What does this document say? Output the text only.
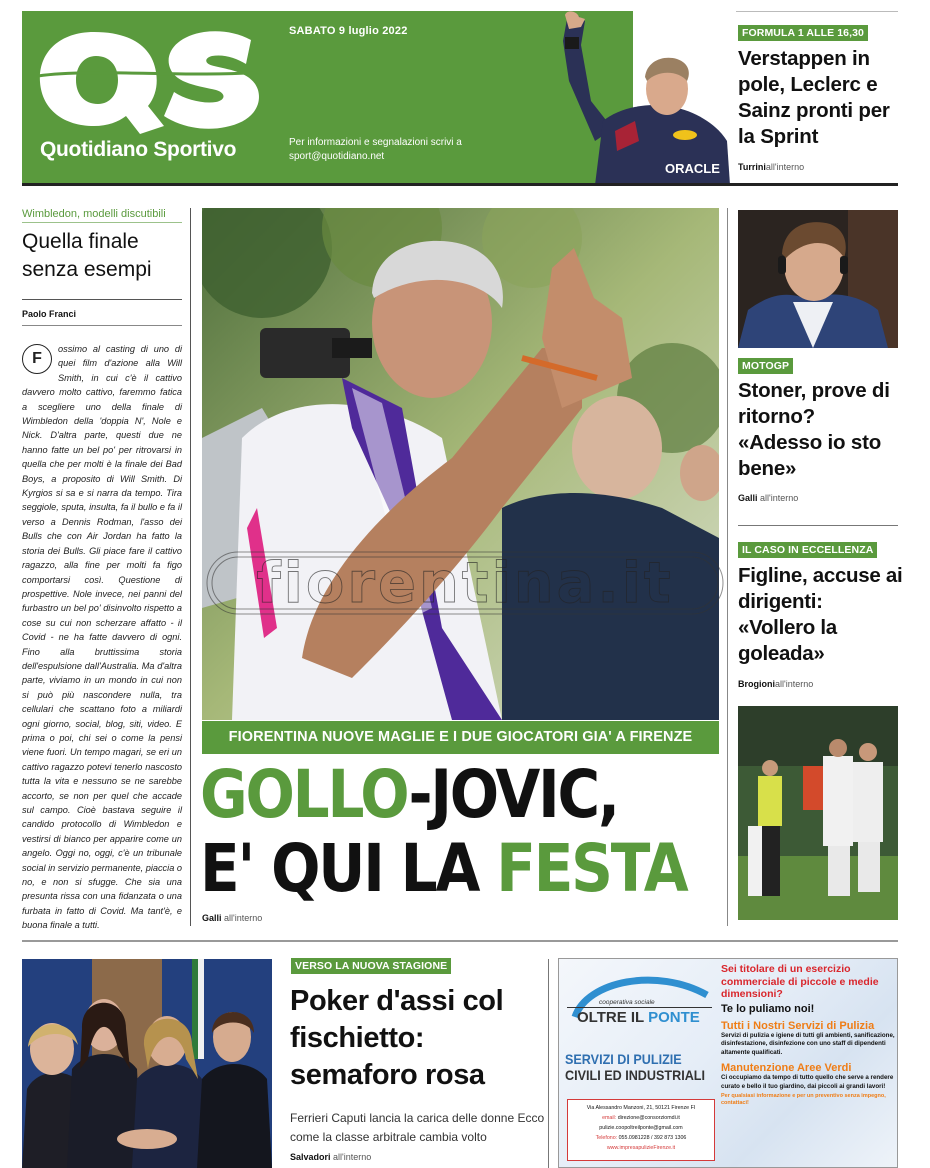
Quotidiano Sportivo
SABATO 9 luglio 2022
Per informazioni e segnalazioni scrivi a
sport@quotidiano.net
ORACLE
FORMULA 1 ALLE 16,30
Verstappen in pole, Leclerc e Sainz pronti per la Sprint
Turriniall'interno
Wimbledon, modelli discutibili
Quella finale senza esempi
Paolo Franci
F
ossimo al casting di uno di quei film d'azione alla Will Smith, in cui c'è il cattivo davvero molto cattivo, faremmo fatica a scegliere uno della finale di Wimbledon della 'doppia N', Nole e Nick. D'altra parte, questi due ne hanno fatte un bel po' per ritrovarsi in quella che per molti è la finale dei Bad Boys, a proposito di Will Smith. Di Kyrgios si sa e si narra da tempo. Tira seggiole, sputa, insulta, fa il bullo e fa il verso a Dennis Rodman, l'asso dei Bulls che con Air Jordan ha fatto la storia dei Bulls. Gli piace fare il cattivo ragazzo, alla fine per molti fa figo comportarsi così. Questione di prospettive. Nole invece, nei panni del furbastro un bel po' disinvolto rispetto a cose su cui non scherzare affatto - il Covid - ne ha fatte davvero di ogni. Fino alla bruttissima storia dell'espulsione dall'Australia. Ma d'altra parte, viviamo in un mondo in cui non si può più nascondere nulla, tra cellulari che scattano foto a miliardi ogni giorno, social, blog, siti, video. E prima o poi, chi sei o come la pensi viene fuori. Un tempo magari, se eri un cattivo ragazzo potevi tenerlo nascosto tutta la vita e nessuno se ne sarebbe accorto, se non per quel che accade sul campo. Cioè bastava seguire il candido protocollo di Wimbledon e vestirsi di bianco per apparire come un angelo. Oggi no, oggi, c'è un tribunale social in servizio permanente, piaccia o no, e non si sfugge. Che sia una presunta rissa con una fidanzata o una furbata in fatto di Covid. Ma tant'è, e buona finale a tutti.
fiorentina.it
FIORENTINA NUOVE MAGLIE E I DUE GIOCATORI GIA' A FIRENZE
GOLLO-JOVIC,
E' QUI LA FESTA
Galli all'interno
MOTOGP
Stoner, prove di ritorno? «Adesso io sto bene»
Galli all'interno
IL CASO IN ECCELLENZA
Figline, accuse ai dirigenti: «Vollero la goleada»
Brogioniall'interno
VERSO LA NUOVA STAGIONE
Poker d'assi col fischietto: semaforo rosa
Ferrieri Caputi lancia la carica delle donne Ecco come la classe arbitrale cambia volto
Salvadori all'interno
cooperativa sociale
OLTRE IL PONTE
SERVIZI DI PULIZIE
CIVILI ED INDUSTRIALI
Via Alessandro Manzoni, 21, 50121 Firenze FI
email: direzione@consorziomdi.it
pulizie.coopoltreilponte@gmail.com
Telefono: 055.0981228 / 392 873 1306
www.impresapulizieFirenze.it
Sei titolare di un esercizio commerciale di piccole e medie dimensioni?
Te lo puliamo noi!
Tutti i Nostri Servizi di Pulizia
Servizi di pulizia e igiene di tutti gli ambienti, sanificazione, disinfestazione, disinfezione con uno staff di dipendenti altamente qualificati.
Manutenzione Aree Verdi
Ci occupiamo da tempo di tutto quello che serve a rendere curato e bello il tuo giardino, dai piccoli ai grandi lavori!
Per qualsiasi informazione e per un preventivo senza impegno, contattaci!
